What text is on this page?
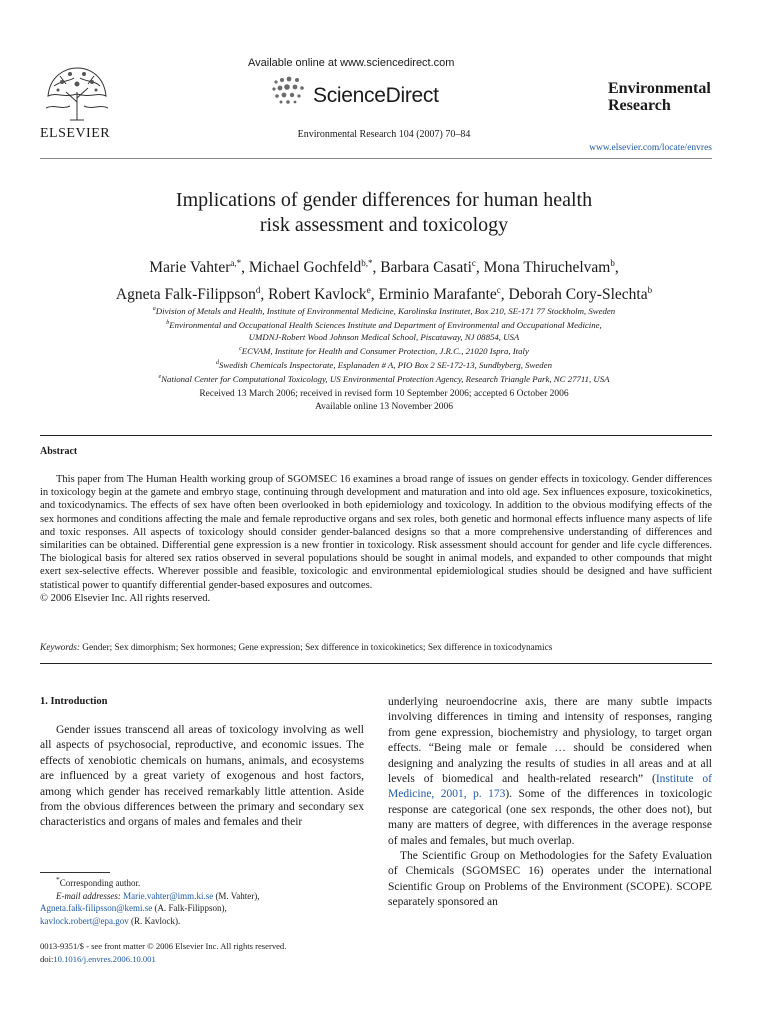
ELSEVIER
Available online at www.sciencedirect.com
ScienceDirect
Environmental Research 104 (2007) 70–84
Environmental
Research
www.elsevier.com/locate/envres
Implications of gender differences for human health
risk assessment and toxicology
Marie Vahter$^{a,*}$, Michael Gochfeld$^{b,*}$, Barbara Casati$^c$, Mona Thiruchelvam$^b$,
Agneta Falk-Filippson$^d$, Robert Kavlock$^e$, Erminio Marafante$^c$, Deborah Cory-Slechta$^b$
$^a$Division of Metals and Health, Institute of Environmental Medicine, Karolinska Institutet, Box 210, SE-171 77 Stockholm, Sweden
$^b$Environmental and Occupational Health Sciences Institute and Department of Environmental and Occupational Medicine,
UMDNJ-Robert Wood Johnson Medical School, Piscataway, NJ 08854, USA
$^c$ECVAM, Institute for Health and Consumer Protection, J.R.C., 21020 Ispra, Italy
$^d$Swedish Chemicals Inspectorate, Esplanaden # A, PIO Box 2 SE-172-13, Sundbyberg, Sweden
$^e$National Center for Computational Toxicology, US Environmental Protection Agency, Research Triangle Park, NC 27711, USA
Received 13 March 2006; received in revised form 10 September 2006; accepted 6 October 2006
Available online 13 November 2006
Abstract
This paper from The Human Health working group of SGOMSEC 16 examines a broad range of issues on gender effects in toxicology. Gender differences in toxicology begin at the gamete and embryo stage, continuing through development and maturation and into old age. Sex influences exposure, toxicokinetics, and toxicodynamics. The effects of sex have often been overlooked in both epidemiology and toxicology. In addition to the obvious modifying effects of the sex hormones and conditions affecting the male and female reproductive organs and sex roles, both genetic and hormonal effects influence many aspects of life and toxic responses. All aspects of toxicology should consider gender-balanced designs so that a more comprehensive understanding of differences and similarities can be obtained. Differential gene expression is a new frontier in toxicology. Risk assessment should account for gender and life cycle differences. The biological basis for altered sex ratios observed in several populations should be sought in animal models, and expanded to other compounds that might exert sex-selective effects. Wherever possible and feasible, toxicologic and environmental epidemiological studies should be designed and have sufficient statistical power to quantify differential gender-based exposures and outcomes.
© 2006 Elsevier Inc. All rights reserved.
Keywords: Gender; Sex dimorphism; Sex hormones; Gene expression; Sex difference in toxicokinetics; Sex difference in toxicodynamics
1. Introduction
Gender issues transcend all areas of toxicology involving as well all aspects of psychosocial, reproductive, and economic issues. The effects of xenobiotic chemicals on humans, animals, and ecosystems are influenced by a great variety of exogenous and host factors, among which gender has received remarkably little attention. Aside from the obvious differences between the primary and secondary sex characteristics and organs of males and females and their

underlying neuroendocrine axis, there are many subtle impacts involving differences in timing and intensity of responses, ranging from gene expression, biochemistry and physiology, to target organ effects. “Being male or female … should be considered when designing and analyzing the results of studies in all areas and at all levels of biomedical and health-related research” (Institute of Medicine, 2001, p. 173). Some of the differences in toxicologic response are categorical (one sex responds, the other does not), but many are matters of degree, with differences in the average response of males and females, but much overlap.

The Scientific Group on Methodologies for the Safety Evaluation of Chemicals (SGOMSEC 16) operates under the international Scientific Group on Problems of the Environment (SCOPE). SCOPE separately sponsored an

*Corresponding author.
E-mail addresses: Marie.vahter@imm.ki.se (M. Vahter),
Agneta.falk-filipsson@kemi.se (A. Falk-Filippson),
kavlock.robert@epa.gov (R. Kavlock).
0013-9351/$ - see front matter © 2006 Elsevier Inc. All rights reserved.
doi:10.1016/j.envres.2006.10.001
